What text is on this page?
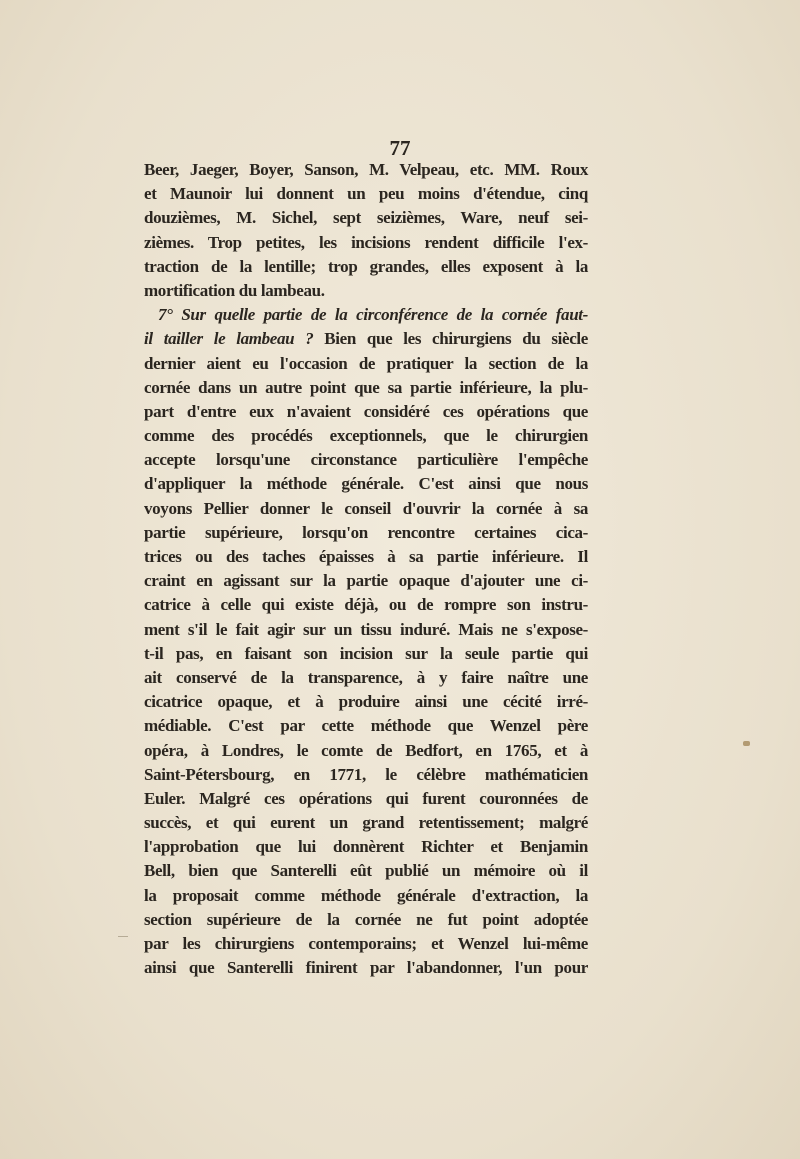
77
Beer, Jaeger, Boyer, Sanson, M. Velpeau, etc. MM. Roux
et Maunoir lui donnent un peu moins d'étendue, cinq
douzièmes, M. Sichel, sept seizièmes, Ware, neuf sei-
zièmes. Trop petites, les incisions rendent difficile l'ex-
traction de la lentille; trop grandes, elles exposent à la
mortification du lambeau.
7° Sur quelle partie de la circonférence de la cornée faut-
il tailler le lambeau ? Bien que les chirurgiens du siècle
dernier aient eu l'occasion de pratiquer la section de la
cornée dans un autre point que sa partie inférieure, la plu-
part d'entre eux n'avaient considéré ces opérations que
comme des procédés exceptionnels, que le chirurgien
accepte lorsqu'une circonstance particulière l'empêche
d'appliquer la méthode générale. C'est ainsi que nous
voyons Pellier donner le conseil d'ouvrir la cornée à sa
partie supérieure, lorsqu'on rencontre certaines cica-
trices ou des taches épaisses à sa partie inférieure. Il
craint en agissant sur la partie opaque d'ajouter une ci-
catrice à celle qui existe déjà, ou de rompre son instru-
ment s'il le fait agir sur un tissu induré. Mais ne s'expose-
t-il pas, en faisant son incision sur la seule partie qui
ait conservé de la transparence, à y faire naître une
cicatrice opaque, et à produire ainsi une cécité irré-
médiable. C'est par cette méthode que Wenzel père
opéra, à Londres, le comte de Bedfort, en 1765, et à
Saint-Pétersbourg, en 1771, le célèbre mathématicien
Euler. Malgré ces opérations qui furent couronnées de
succès, et qui eurent un grand retentissement; malgré
l'approbation que lui donnèrent Richter et Benjamin
Bell, bien que Santerelli eût publié un mémoire où il
la proposait comme méthode générale d'extraction, la
section supérieure de la cornée ne fut point adoptée
par les chirurgiens contemporains; et Wenzel lui-même
ainsi que Santerelli finirent par l'abandonner, l'un pour
